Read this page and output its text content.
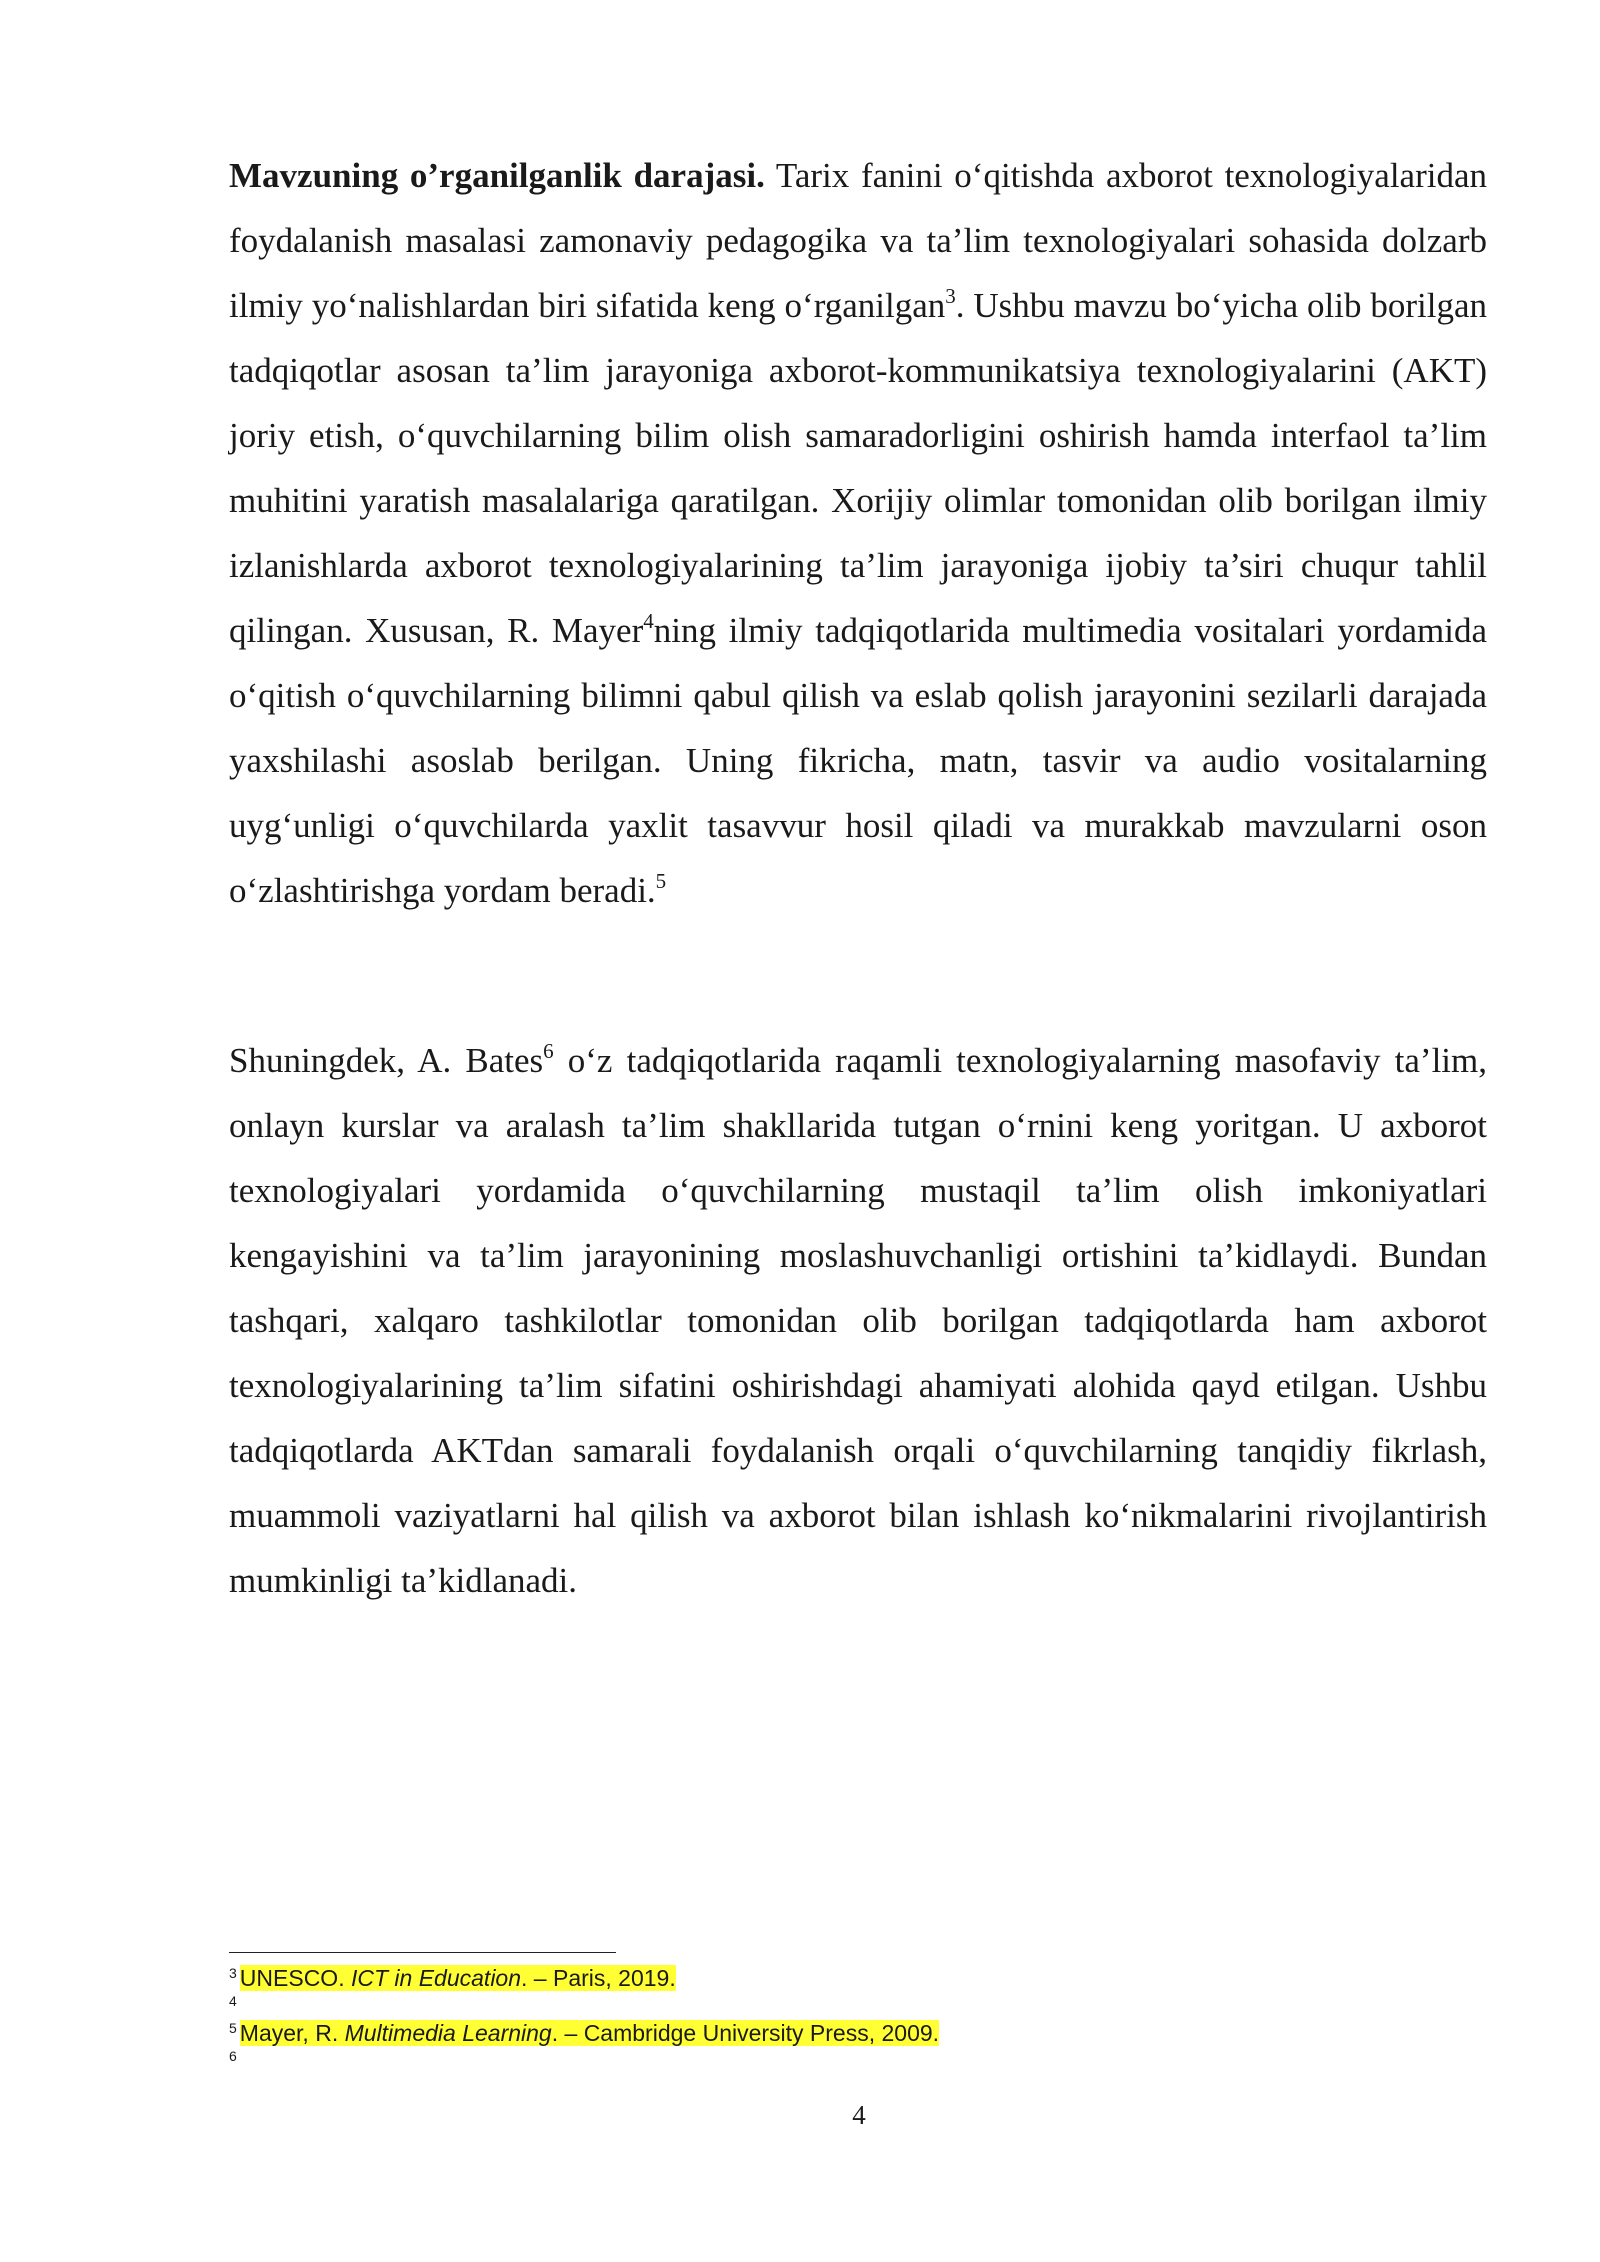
Mavzuning o’rganilganlik darajasi. Tarix fanini o‘qitishda axborot texnologiyalaridan foydalanish masalasi zamonaviy pedagogika va ta’lim texnologiyalari sohasida dolzarb ilmiy yo‘nalishlardan biri sifatida keng o‘rganilgan$^3$. Ushbu mavzu bo‘yicha olib borilgan tadqiqotlar asosan ta’lim jarayoniga axborot-kommunikatsiya texnologiyalarini (AKT) joriy etish, o‘quvchilarning bilim olish samaradorligini oshirish hamda interfaol ta’lim muhitini yaratish masalalariga qaratilgan. Xorijiy olimlar tomonidan olib borilgan ilmiy izlanishlarda axborot texnologiyalarining ta’lim jarayoniga ijobiy ta’siri chuqur tahlil qilingan. Xususan, R. Mayer$^4$ning ilmiy tadqiqotlarida multimedia vositalari yordamida o‘qitish o‘quvchilarning bilimni qabul qilish va eslab qolish jarayonini sezilarli darajada yaxshilashi asoslab berilgan. Uning fikricha, matn, tasvir va audio vositalarning uyg‘unligi o‘quvchilarda yaxlit tasavvur hosil qiladi va murakkab mavzularni oson o‘zlashtirishga yordam beradi.$^5$

Shuningdek, A. Bates$^6$ o‘z tadqiqotlarida raqamli texnologiyalarning masofaviy ta’lim, onlayn kurslar va aralash ta’lim shakllarida tutgan o‘rnini keng yoritgan. U axborot texnologiyalari yordamida o‘quvchilarning mustaqil ta’lim olish imkoniyatlari kengayishini va ta’lim jarayonining moslashuvchanligi ortishini ta’kidlaydi. Bundan tashqari, xalqaro tashkilotlar tomonidan olib borilgan tadqiqotlarda ham axborot texnologiyalarining ta’lim sifatini oshirishdagi ahamiyati alohida qayd etilgan. Ushbu tadqiqotlarda AKTdan samarali foydalanish orqali o‘quvchilarning tanqidiy fikrlash, muammoli vaziyatlarni hal qilish va axborot bilan ishlash ko‘nikmalarini rivojlantirish mumkinligi ta’kidlanadi.

$^3$ UNESCO. ICT in Education. – Paris, 2019.
$^4$
$^5$ Mayer, R. Multimedia Learning. – Cambridge University Press, 2009.
$^6$
4
